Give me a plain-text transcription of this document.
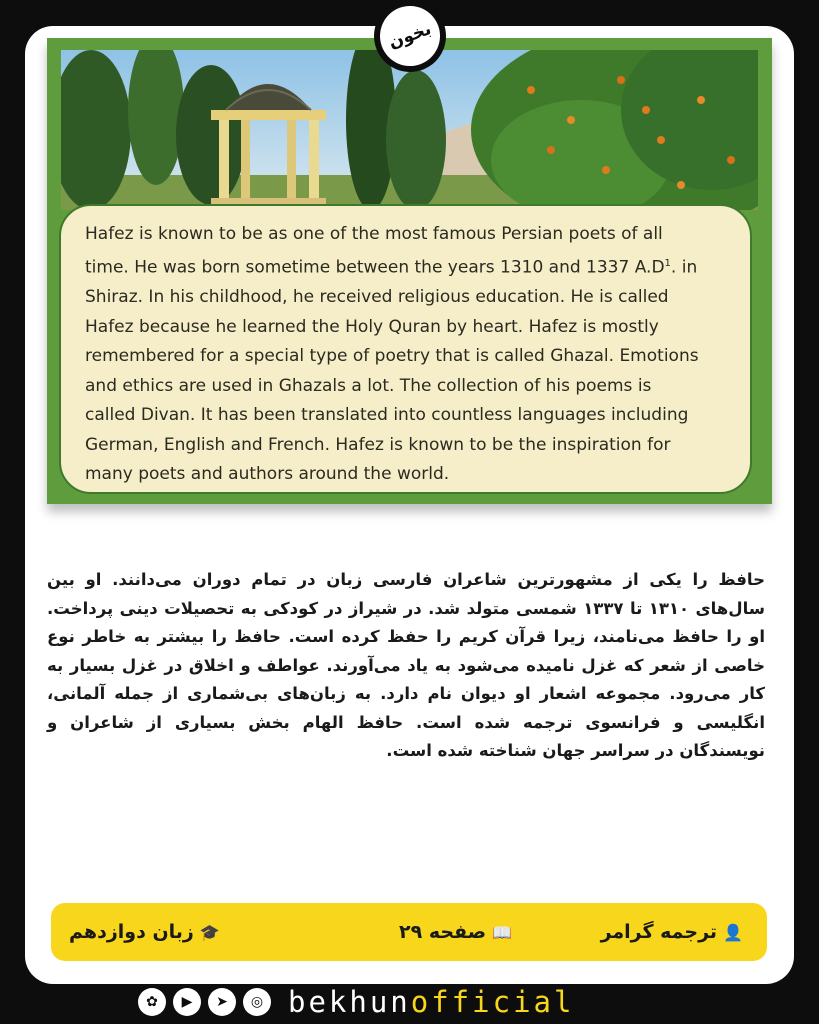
Hafez is known to be as one of the most famous Persian poets of all
time. He was born sometime between the years 1310 and 1337 $A.D^1$. in
Shiraz. In his childhood, he received religious education. He is called
Hafez because he learned the Holy Quran by heart. Hafez is mostly
remembered for a special type of poetry that is called Ghazal. Emotions
and ethics are used in Ghazals a lot. The collection of his poems is
called Divan. It has been translated into countless languages including
German, English and French. Hafez is known to be the inspiration for
many poets and authors around the world.

حافظ را یکی از مشهورترین شاعران فارسی زبان در تمام دوران می‌دانند. او بین سال‌های ۱۳۱۰ تا ۱۳۳۷ شمسی متولد شد. در شیراز در کودکی به تحصیلات دینی پرداخت. او را حافظ می‌نامند، زیرا قرآن کریم را حفظ کرده است. حافظ را بیشتر به خاطر نوع خاصی از شعر که غزل نامیده می‌شود به یاد می‌آورند. عواطف و اخلاق در غزل بسیار به کار می‌رود. مجموعه اشعار او دیوان نام دارد. به زبان‌های بی‌شماری از جمله آلمانی، انگلیسی و فرانسوی ترجمه شده است. حافظ الهام بخش بسیاری از شاعران و نویسندگان در سراسر جهان شناخته شده است.

👤
ترجمه گرامر
📖
صفحه ۲۹
🎓
زبان دوازدهم
بخون
✿	▶	➤	◎ bekhunofficial
